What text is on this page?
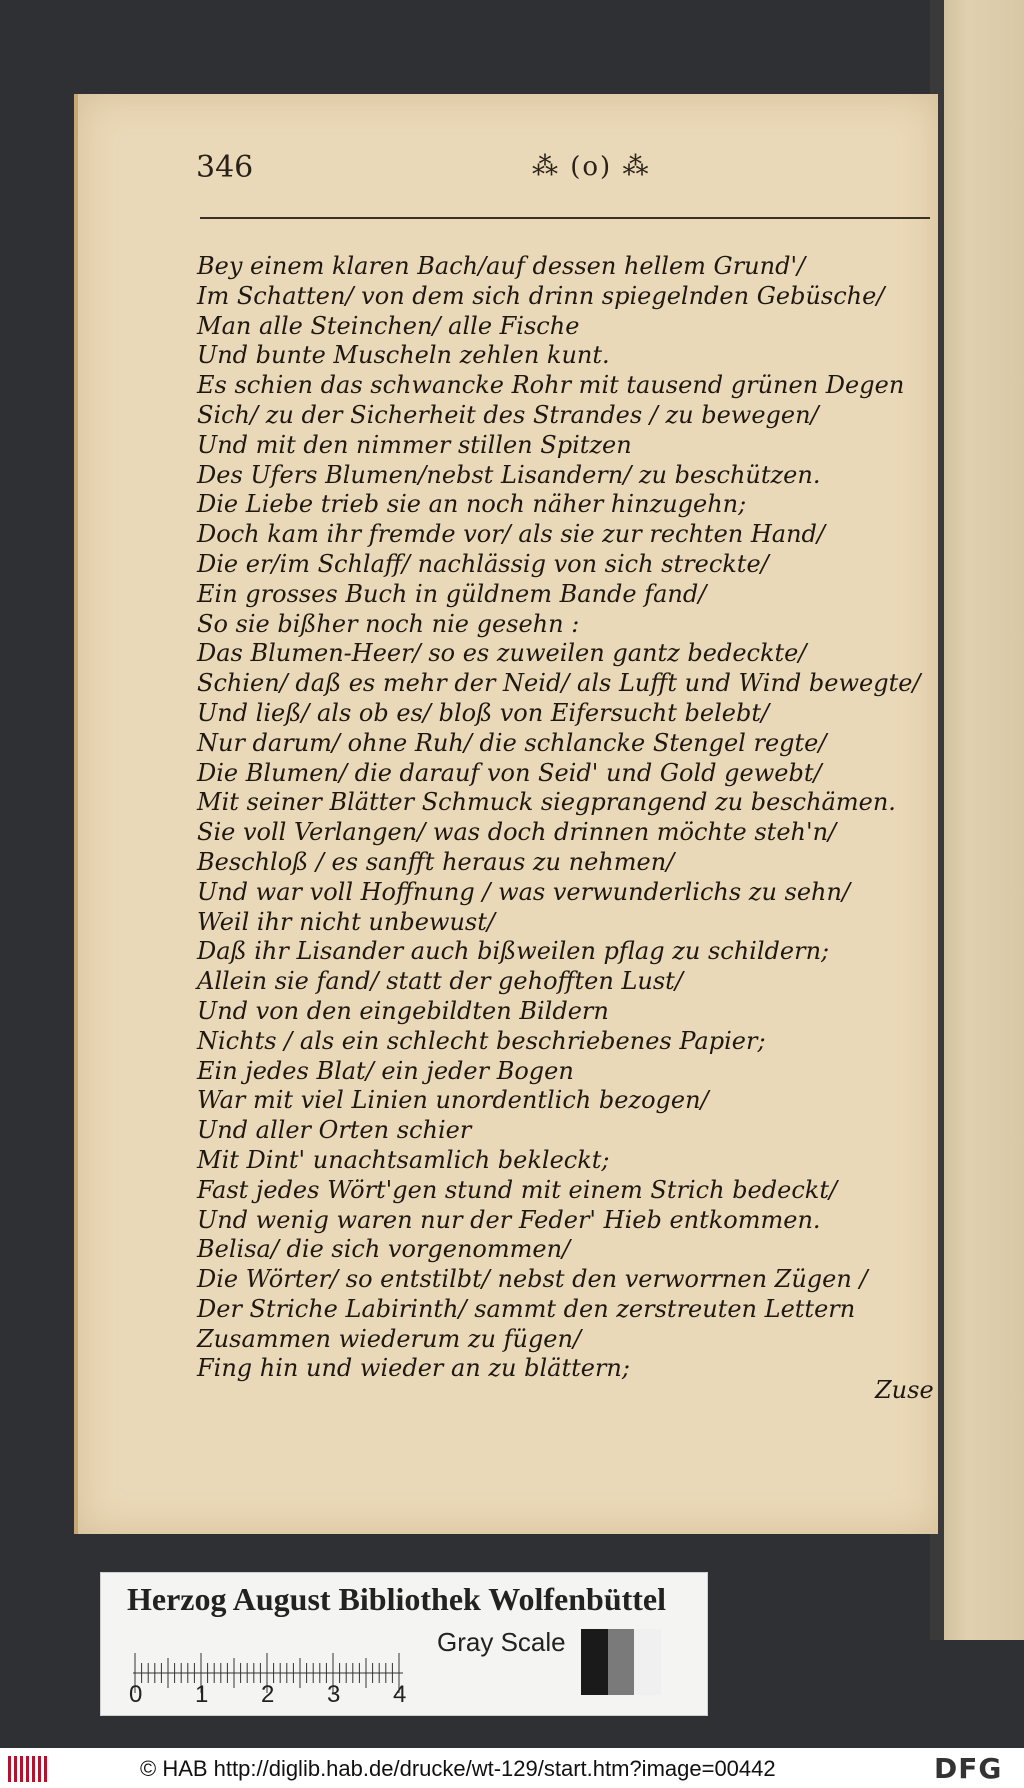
346	⁂ (o) ⁂
Bey einem klaren Bach/auf dessen hellem Grund'/
Im Schatten/ von dem sich drinn spiegelnden Gebüsche/
Man alle Steinchen/ alle Fische
Und bunte Muscheln zehlen kunt.
Es schien das schwancke Rohr mit tausend grünen Degen
Sich/ zu der Sicherheit des Strandes / zu bewegen/
Und mit den nimmer stillen Spitzen
Des Ufers Blumen/nebst Lisandern/ zu beschützen.
Die Liebe trieb sie an noch näher hinzugehn;
Doch kam ihr fremde vor/ als sie zur rechten Hand/
Die er/im Schlaff/ nachlässig von sich streckte/
Ein grosses Buch in güldnem Bande fand/
So sie bißher noch nie gesehn :
Das Blumen-Heer/ so es zuweilen gantz bedeckte/
Schien/ daß es mehr der Neid/ als Lufft und Wind bewegte/
Und ließ/ als ob es/ bloß von Eifersucht belebt/
Nur darum/ ohne Ruh/ die schlancke Stengel regte/
Die Blumen/ die darauf von Seid' und Gold gewebt/
Mit seiner Blätter Schmuck siegprangend zu beschämen.
Sie voll Verlangen/ was doch drinnen möchte steh'n/
Beschloß / es sanfft heraus zu nehmen/
Und war voll Hoffnung / was verwunderlichs zu sehn/
Weil ihr nicht unbewust/
Daß ihr Lisander auch bißweilen pflag zu schildern;
Allein sie fand/ statt der gehofften Lust/
Und von den eingebildten Bildern
Nichts / als ein schlecht beschriebenes Papier;
Ein jedes Blat/ ein jeder Bogen
War mit viel Linien unordentlich bezogen/
Und aller Orten schier
Mit Dint' unachtsamlich bekleckt;
Fast jedes Wört'gen stund mit einem Strich bedeckt/
Und wenig waren nur der Feder' Hieb entkommen.
Belisa/ die sich vorgenommen/
Die Wörter/ so entstilbt/ nebst den verworrnen Zügen /
Der Striche Labirinth/ sammt den zerstreuten Lettern
Zusammen wiederum zu fügen/
Fing hin und wieder an zu blättern;
Zuse
Herzog August Bibliothek Wolfenbüttel
0 1 2 3 4
Gray Scale
© HAB http://diglib.hab.de/drucke/wt-129/start.htm?image=00442	DFG
